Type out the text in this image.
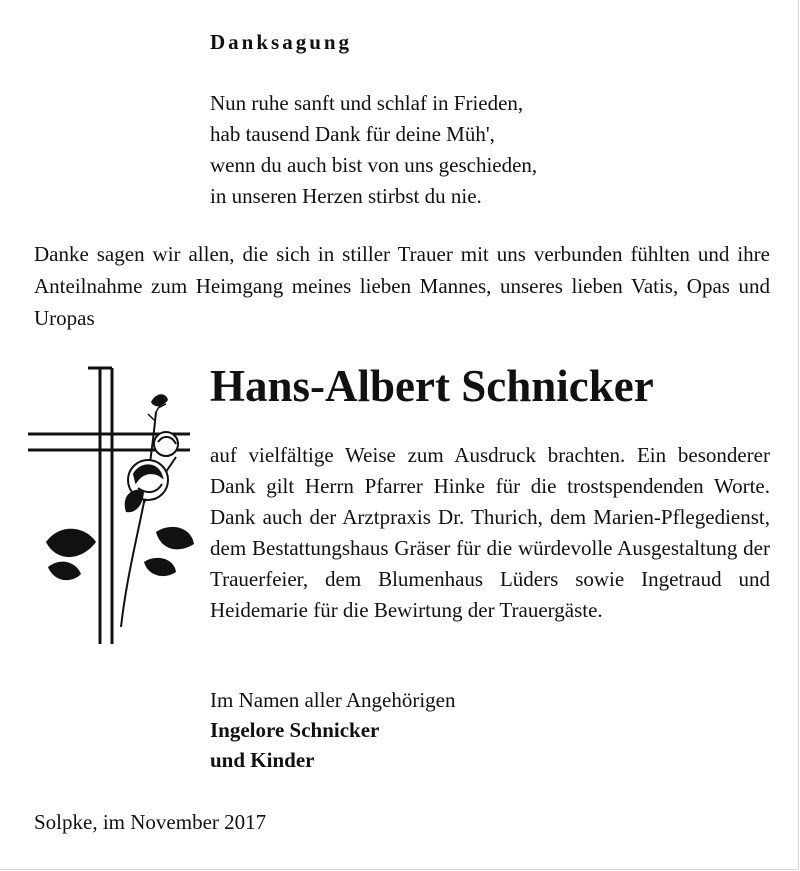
Danksagung
Nun ruhe sanft und schlaf in Frieden,
hab tausend Dank für deine Müh',
wenn du auch bist von uns geschieden,
in unseren Herzen stirbst du nie.

Danke sagen wir allen, die sich in stiller Trauer mit uns verbunden fühlten und ihre Anteilnahme zum Heimgang meines lieben Mannes, unseres lieben Vatis, Opas und Uropas

Hans-Albert Schnicker

auf vielfältige Weise zum Ausdruck brachten. Ein besonderer Dank gilt Herrn Pfarrer Hinke für die trostspendenden Worte. Dank auch der Arztpraxis Dr. Thurich, dem Marien-Pflegedienst, dem Bestattungshaus Gräser für die würdevolle Ausgestaltung der Trauerfeier, dem Blumenhaus Lüders sowie Ingetraud und Heidemarie für die Bewirtung der Trauergäste.

Im Namen aller Angehörigen
Ingelore Schnicker
und Kinder
Solpke, im November 2017
